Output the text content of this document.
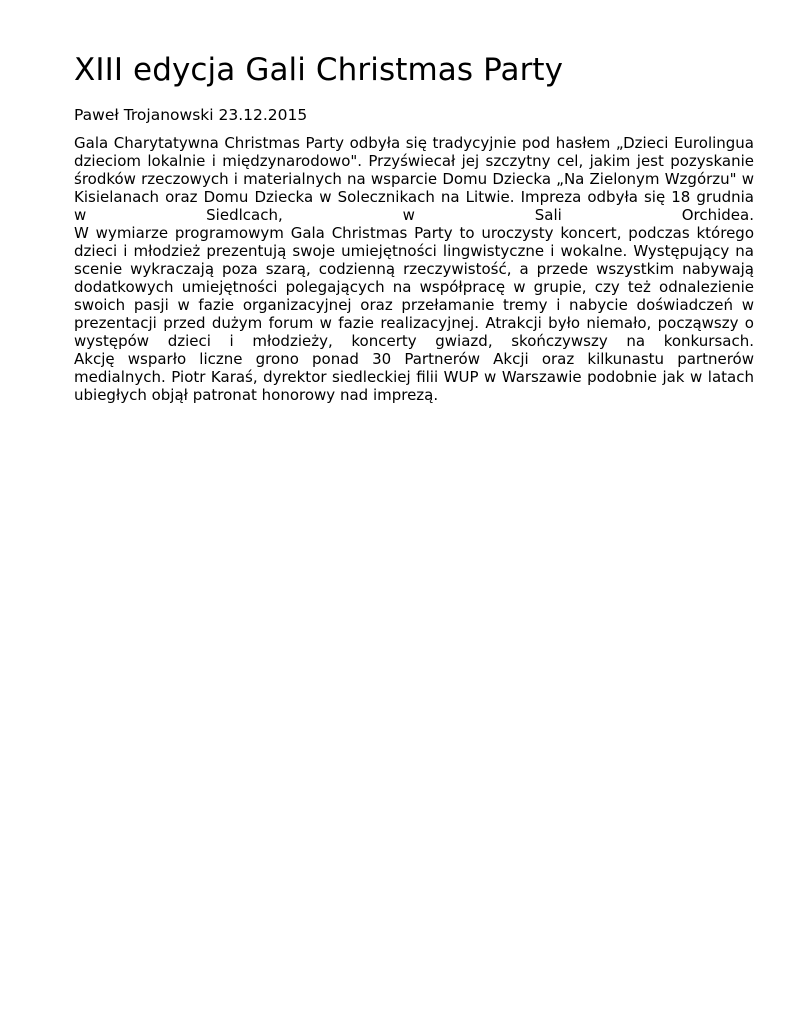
XIII edycja Gali Christmas Party
Paweł Trojanowski 23.12.2015

Gala Charytatywna Christmas Party odbyła się tradycyjnie pod hasłem „Dzieci Eurolingua dzieciom lokalnie i międzynarodowo". Przyświecał jej szczytny cel, jakim jest pozyskanie środków rzeczowych i materialnych na wsparcie Domu Dziecka „Na Zielonym Wzgórzu" w Kisielanach oraz Domu Dziecka w Solecznikach na Litwie. Impreza odbyła się 18 grudnia w Siedlcach, w Sali Orchidea.

W wymiarze programowym Gala Christmas Party to uroczysty koncert, podczas którego dzieci i młodzież prezentują swoje umiejętności lingwistyczne i wokalne. Występujący na scenie wykraczają poza szarą, codzienną rzeczywistość, a przede wszystkim nabywają dodatkowych umiejętności polegających na współpracę w grupie, czy też odnalezienie swoich pasji w fazie organizacyjnej oraz przełamanie tremy i nabycie doświadczeń w prezentacji przed dużym forum w fazie realizacyjnej. Atrakcji było niemało, począwszy o występów dzieci i młodzieży, koncerty gwiazd, skończywszy na konkursach.

Akcję wsparło liczne grono ponad 30 Partnerów Akcji oraz kilkunastu partnerów medialnych. Piotr Karaś, dyrektor siedleckiej filii WUP w Warszawie podobnie jak w latach ubiegłych objął patronat honorowy nad imprezą.
